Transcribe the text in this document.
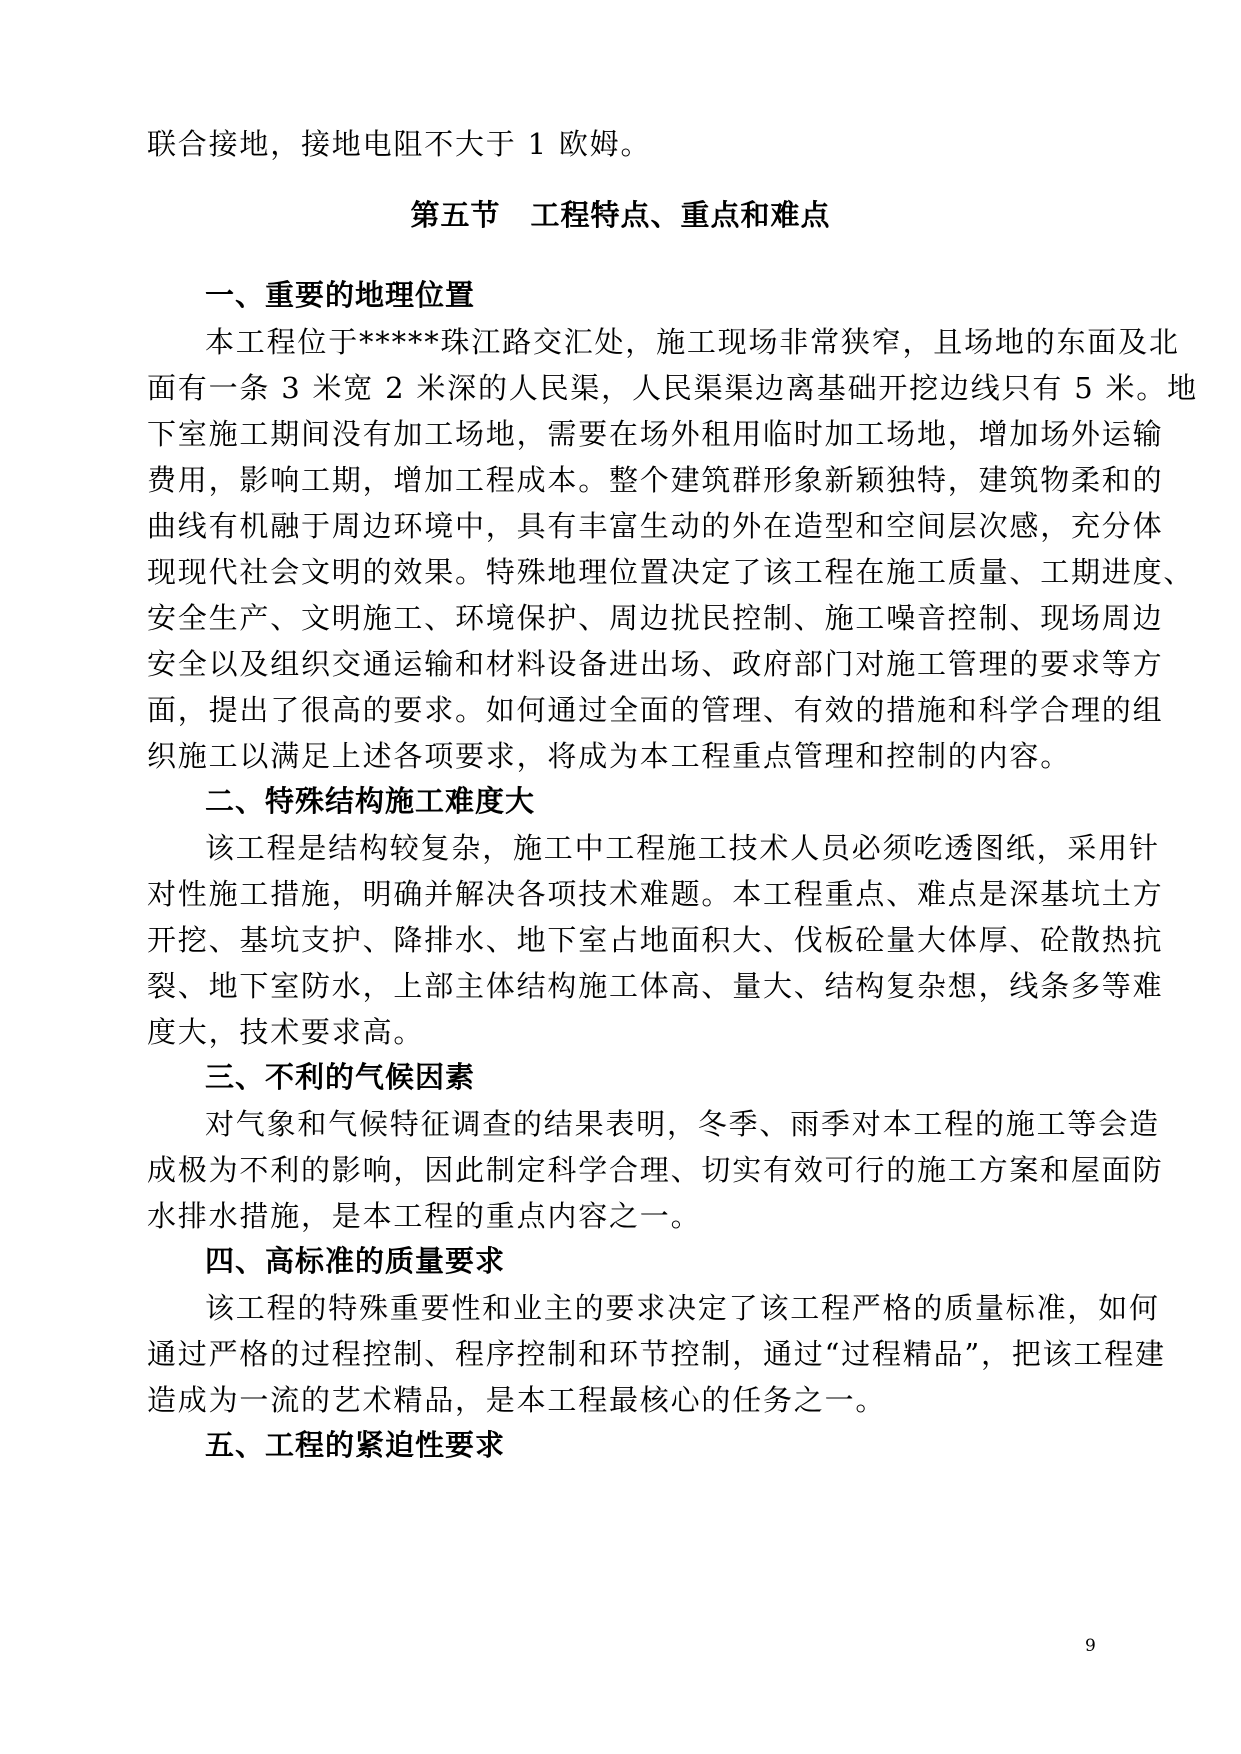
联合接地，接地电阻不大于 1 欧姆。
第五节　工程特点、重点和难点
一、重要的地理位置
本工程位于*****珠江路交汇处，施工现场非常狭窄，且场地的东面及北
面有一条 3 米宽 2 米深的人民渠，人民渠渠边离基础开挖边线只有 5 米。地
下室施工期间没有加工场地，需要在场外租用临时加工场地，增加场外运输
费用，影响工期，增加工程成本。整个建筑群形象新颖独特，建筑物柔和的
曲线有机融于周边环境中，具有丰富生动的外在造型和空间层次感，充分体
现现代社会文明的效果。特殊地理位置决定了该工程在施工质量、工期进度、
安全生产、文明施工、环境保护、周边扰民控制、施工噪音控制、现场周边
安全以及组织交通运输和材料设备进出场、政府部门对施工管理的要求等方
面，提出了很高的要求。如何通过全面的管理、有效的措施和科学合理的组
织施工以满足上述各项要求，将成为本工程重点管理和控制的内容。
二、特殊结构施工难度大
该工程是结构较复杂，施工中工程施工技术人员必须吃透图纸，采用针
对性施工措施，明确并解决各项技术难题。本工程重点、难点是深基坑土方
开挖、基坑支护、降排水、地下室占地面积大、伐板砼量大体厚、砼散热抗
裂、地下室防水，上部主体结构施工体高、量大、结构复杂想，线条多等难
度大，技术要求高。
三、不利的气候因素
对气象和气候特征调查的结果表明，冬季、雨季对本工程的施工等会造
成极为不利的影响，因此制定科学合理、切实有效可行的施工方案和屋面防
水排水措施，是本工程的重点内容之一。
四、高标准的质量要求
该工程的特殊重要性和业主的要求决定了该工程严格的质量标准，如何
通过严格的过程控制、程序控制和环节控制，通过“过程精品”，把该工程建
造成为一流的艺术精品，是本工程最核心的任务之一。
五、工程的紧迫性要求
9
